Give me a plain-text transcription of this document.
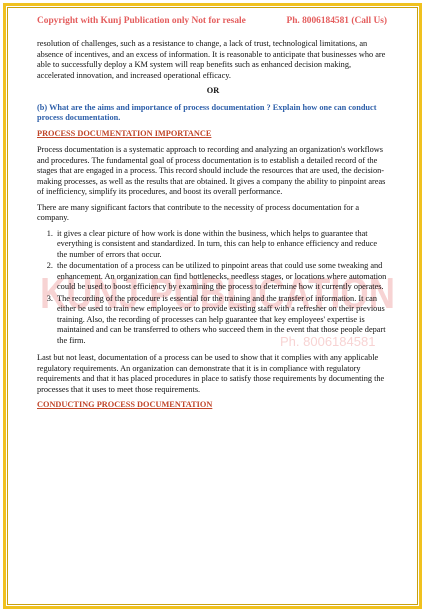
Copyright with Kunj Publication only Not for resale	Ph. 8006184581 (Call Us)
KUNJ PUBLICATION
Ph. 8006184581

resolution of challenges, such as a resistance to change, a lack of trust, technological limitations, an absence of incentives, and an excess of information. It is reasonable to anticipate that businesses who are able to successfully deploy a KM system will reap benefits such as enhanced decision making, accelerated innovation, and increased operational efficacy.

OR

(b) What are the aims and importance of process documentation ? Explain how one can conduct process documentation.

PROCESS DOCUMENTATION IMPORTANCE

Process documentation is a systematic approach to recording and analyzing an organization's workflows and procedures. The fundamental goal of process documentation is to establish a detailed record of the stages that are engaged in a process. This record should include the resources that are used, the decision-making processes, as well as the results that are obtained. It gives a company the ability to pinpoint areas of inefficiency, simplify its procedures, and boost its overall performance.

There are many significant factors that contribute to the necessity of process documentation for a company.

1. it gives a clear picture of how work is done within the business, which helps to guarantee that everything is consistent and standardized. In turn, this can help to enhance efficiency and reduce the number of errors that occur.
2. the documentation of a process can be utilized to pinpoint areas that could use some tweaking and enhancement. An organization can find bottlenecks, needless stages, or locations where automation could be used to boost efficiency by examining the process to determine how it currently operates.
3. The recording of the procedure is essential for the training and the transfer of information. It can either be used to train new employees or to provide existing staff with a refresher on their previous training. Also, the recording of processes can help guarantee that key employees' expertise is maintained and can be transferred to others who succeed them in the event that those people depart the firm.

Last but not least, documentation of a process can be used to show that it complies with any applicable regulatory requirements. An organization can demonstrate that it is in compliance with regulatory requirements and that it has placed procedures in place to satisfy those requirements by documenting the processes that it uses to meet those requirements.

CONDUCTING PROCESS DOCUMENTATION
